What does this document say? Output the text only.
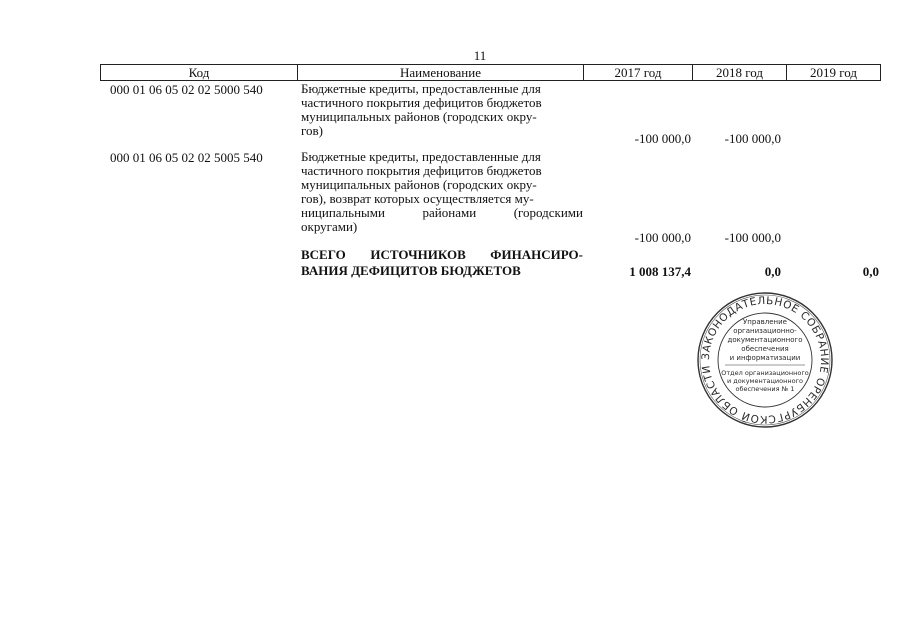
11
Код	Наименование	2017 год	2018 год	2019 год
000 01 06 05 02 02 5000 540	Бюджетные кредиты, предоставленные для
частичного покрытия дефицитов бюджетов
муниципальных районов (городских окру-
гов)
-100 000,0	-100 000,0
000 01 06 05 02 02 5005 540	Бюджетные кредиты, предоставленные для
частичного покрытия дефицитов бюджетов
муниципальных районов (городских окру-
гов), возврат которых осуществляется му-
ниципальными районами (городскими
округами)
-100 000,0	-100 000,0
ВСЕГО ИСТОЧНИКОВ ФИНАНСИРО-
ВАНИЯ ДЕФИЦИТОВ БЮДЖЕТОВ	1 008 137,4	0,0	0,0
ЗАКОНОДАТЕЛЬНОЕ СОБРАНИЕ ОРЕНБУРГСКОЙ ОБЛАСТИ
Управление
организационно-
документационного
обеспечения
и информатизации
Отдел организационного
и документационного
обеспечения № 1
